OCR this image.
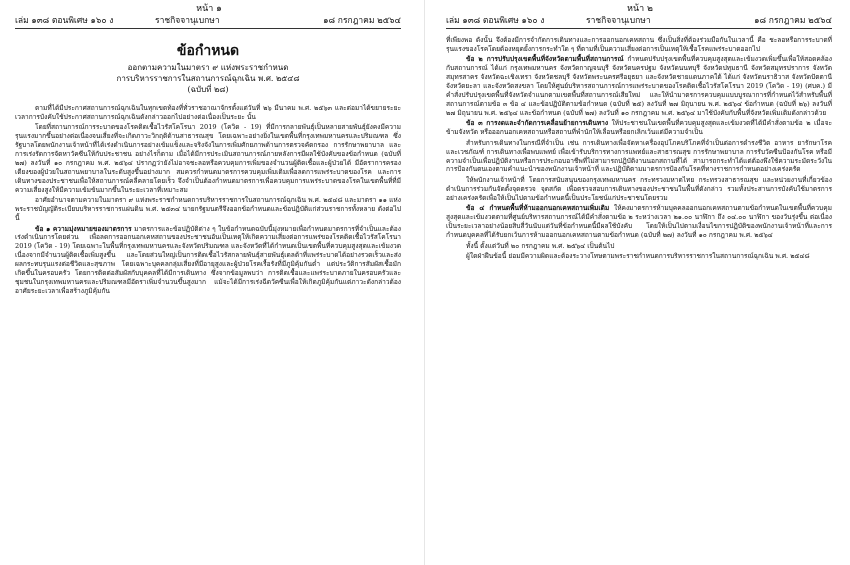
หน้า ๑
เล่ม ๑๓๘ ตอนพิเศษ ๑๖๐ ง	ราชกิจจานุเบกษา	๑๘ กรกฎาคม ๒๕๖๔
ข้อกำหนด
ออกตามความในมาตรา ๙ แห่งพระราชกำหนด
การบริหารราชการในสถานการณ์ฉุกเฉิน พ.ศ. ๒๕๔๘
(ฉบับที่ ๒๘)

ตามที่ได้มีประกาศสถานการณ์ฉุกเฉินในทุกเขตท้องที่ทั่วราชอาณาจักรตั้งแต่วันที่ ๒๖ มีนาคม พ.ศ. ๒๕๖๓ และต่อมาได้ขยายระยะเวลาการบังคับใช้ประกาศสถานการณ์ฉุกเฉินดังกล่าวออกไปอย่างต่อเนื่องเป็นระยะ นั้น

โดยที่สถานการณ์การระบาดของโรคติดเชื้อไวรัสโคโรนา 2019 (โควิด - 19) ที่มีการกลายพันธุ์เป็นหลายสายพันธุ์ยังคงมีความรุนแรงมากขึ้นอย่างต่อเนื่องจนเสี่ยงที่จะเกิดภาวะวิกฤติด้านสาธารณสุข โดยเฉพาะอย่างยิ่งในเขตพื้นที่กรุงเทพมหานครและปริมณฑล ซึ่งรัฐบาลโดยพนักงานเจ้าหน้าที่ได้เร่งดำเนินการอย่างเข้มแข็งและจริงจังในการเพิ่มศักยภาพด้านการตรวจคัดกรอง การรักษาพยาบาล และการเร่งรัดการจัดหาวัคซีนให้กับประชาชน อย่างไรก็ตาม เมื่อได้มีการประเมินสถานการณ์ภายหลังการมีผลใช้บังคับของข้อกำหนด (ฉบับที่ ๒๗) ลงวันที่ ๑๐ กรกฎาคม พ.ศ. ๒๕๖๔ ปรากฏว่ายังไม่อาจชะลอหรือควบคุมการเพิ่มของจำนวนผู้ติดเชื้อและผู้ป่วยได้ มีอัตราการครองเตียงของผู้ป่วยในสถานพยาบาลในระดับสูงขึ้นอย่างมาก สมควรกำหนดมาตรการควบคุมเพิ่มเติมเพื่อลดการแพร่ระบาดของโรค และการเดินทางของประชาชนเพื่อให้สถานการณ์คลี่คลายโดยเร็ว จึงจำเป็นต้องกำหนดมาตรการเพื่อควบคุมการแพร่ระบาดของโรคในเขตพื้นที่ที่มีความเสี่ยงสูงให้มีความเข้มข้นมากขึ้นในระยะเวลาที่เหมาะสม

อาศัยอำนาจตามความในมาตรา ๙ แห่งพระราชกำหนดการบริหารราชการในสถานการณ์ฉุกเฉิน พ.ศ. ๒๕๔๘ และมาตรา ๑๑ แห่งพระราชบัญญัติระเบียบบริหารราชการแผ่นดิน พ.ศ. ๒๕๓๔ นายกรัฐมนตรีจึงออกข้อกำหนดและข้อปฏิบัติแก่ส่วนราชการทั้งหลาย ดังต่อไปนี้

ข้อ ๑ ความมุ่งหมายของมาตรการ มาตรการและข้อปฏิบัติต่าง ๆ ในข้อกำหนดฉบับนี้มุ่งหมายเพื่อกำหนดมาตรการที่จำเป็นและต้องเร่งดำเนินการโดยด่วน เพื่อลดการออกนอกเคหสถานของประชาชนอันเป็นเหตุให้เกิดความเสี่ยงต่อการแพร่ของโรคติดเชื้อไวรัสโคโรนา 2019 (โควิด - 19) โดยเฉพาะในพื้นที่กรุงเทพมหานครและจังหวัดปริมณฑล และจังหวัดที่ได้กำหนดเป็นเขตพื้นที่ควบคุมสูงสุดและเข้มงวด เนื่องจากมีจำนวนผู้ติดเชื้อเพิ่มสูงขึ้น และโดยส่วนใหญ่เป็นการติดเชื้อไวรัสกลายพันธุ์สายพันธุ์เดลต้าที่แพร่ระบาดได้อย่างรวดเร็วและส่งผลกระทบรุนแรงต่อชีวิตและสุขภาพ โดยเฉพาะบุคคลกลุ่มเสี่ยงที่มีอายุสูงและผู้ป่วยโรคเรื้อรังที่มีภูมิคุ้มกันต่ำ แต่ประวัติการสัมผัสเชื้อมักเกิดขึ้นในครอบครัว โดยการติดต่อสัมผัสกับบุคคลที่ได้มีการเดินทาง ซึ่งจากข้อมูลพบว่า การติดเชื้อและแพร่ระบาดภายในครอบครัวและชุมชนในกรุงเทพมหานครและปริมณฑลมีอัตราเพิ่มจำนวนขึ้นสูงมาก แม้จะได้มีการเร่งฉีดวัคซีนเพื่อให้เกิดภูมิคุ้มกันแต่ภาวะดังกล่าวต้องอาศัยระยะเวลาเพื่อสร้างภูมิคุ้มกัน

หน้า ๒
เล่ม ๑๓๘ ตอนพิเศษ ๑๖๐ ง	ราชกิจจานุเบกษา	๑๘ กรกฎาคม ๒๕๖๔

ที่เพียงพอ ดังนั้น จึงต้องมีการจำกัดการเดินทางและการออกนอกเคหสถาน ซึ่งเป็นสิ่งที่ต้องร่วมมือกันในเวลานี้ คือ ชะลอหรือการระบาดที่รุนแรงของโรคโดยต้องหยุดยั้งการกระทำใด ๆ ที่ตามที่เป็นความเสี่ยงต่อการเป็นเหตุให้เชื้อโรคแพร่ระบาดออกไป

ข้อ ๒ การปรับปรุงเขตพื้นที่จังหวัดตามพื้นที่สถานการณ์ กำหนดปรับปรุงเขตพื้นที่ควบคุมสูงสุดและเข้มงวดเพิ่มขึ้นเพื่อให้สอดคล้องกับสถานการณ์ ได้แก่ กรุงเทพมหานคร จังหวัดกาญจนบุรี จังหวัดนครปฐม จังหวัดนนทบุรี จังหวัดปทุมธานี จังหวัดสมุทรปราการ จังหวัดสมุทรสาคร จังหวัดฉะเชิงเทรา จังหวัดชลบุรี จังหวัดพระนครศรีอยุธยา และจังหวัดชายแดนภาคใต้ ได้แก่ จังหวัดนราธิวาส จังหวัดปัตตานี จังหวัดยะลา และจังหวัดสงขลา โดยให้ศูนย์บริหารสถานการณ์การแพร่ระบาดของโรคติดเชื้อไวรัสโคโรนา 2019 (โควิด - 19) (ศบค.) มีคำสั่งปรับปรุงเขตพื้นที่จังหวัดจำแนกตามเขตพื้นที่สถานการณ์เสียใหม่ และให้นำมาตรการควบคุมแบบบูรณาการที่กำหนดไว้สำหรับพื้นที่สถานการณ์ตามข้อ ๓ ข้อ ๔ และข้อปฏิบัติตามข้อกำหนด (ฉบับที่ ๒๕) ลงวันที่ ๒๗ มิถุนายน พ.ศ. ๒๕๖๔ ข้อกำหนด (ฉบับที่ ๒๖) ลงวันที่ ๒๗ มิถุนายน พ.ศ. ๒๕๖๔ และข้อกำหนด (ฉบับที่ ๒๗) ลงวันที่ ๑๐ กรกฎาคม พ.ศ. ๒๕๖๔ มาใช้บังคับกับพื้นที่จังหวัดเพิ่มเติมดังกล่าวด้วย

ข้อ ๓ การงดและจำกัดการเคลื่อนย้ายการเดินทาง ให้ประชาชนในเขตพื้นที่ควบคุมสูงสุดและเข้มงวดที่ได้มีคำสั่งตามข้อ ๒ เมื่อจะข้ามจังหวัด หรือออกนอกเคหสถานหรือสถานที่พำนักให้เลื่อนหรือยกเลิกเว้นแต่มีความจำเป็น

สำหรับการเดินทางในกรณีที่จำเป็น เช่น การเดินทางเพื่อจัดหาเครื่องอุปโภคบริโภคที่จำเป็นต่อการดำรงชีวิต อาหาร ยารักษาโรค และเวชภัณฑ์ การเดินทางเพื่อพบแพทย์ เพื่อเข้ารับบริการทางการแพทย์และสาธารณสุข การรักษาพยาบาล การรับวัคซีนป้องกันโรค หรือมีความจำเป็นเพื่อปฏิบัติงานหรือการประกอบอาชีพที่ไม่สามารถปฏิบัติงานนอกสถานที่ได้ สามารถกระทำได้แต่ต้องพึงใช้ความระมัดระวังในการป้องกันตนเองตามคำแนะนำของพนักงานเจ้าหน้าที่ และปฏิบัติตามมาตรการป้องกันโรคที่ทางราชการกำหนดอย่างเคร่งครัด

ให้พนักงานเจ้าหน้าที่ โดยการสนับสนุนของกรุงเทพมหานคร กระทรวงมหาดไทย กระทรวงสาธารณสุข และหน่วยงานที่เกี่ยวข้อง ดำเนินการร่วมกันจัดตั้งจุดตรวจ จุดสกัด เพื่อตรวจสอบการเดินทางของประชาชนในพื้นที่ดังกล่าว รวมทั้งประสานการบังคับใช้มาตรการอย่างเคร่งครัดเพื่อให้เป็นไปตามข้อกำหนดนี้เป็นประโยชน์แก่ประชาชนโดยรวม

ข้อ ๔ กำหนดพื้นที่ห้ามออกนอกเคหสถานเพิ่มเติม ให้คงมาตรการห้ามบุคคลออกนอกเคหสถานตามข้อกำหนดในเขตพื้นที่ควบคุมสูงสุดและเข้มงวดตามที่ศูนย์บริหารสถานการณ์ได้มีคำสั่งตามข้อ ๒ ระหว่างเวลา ๒๑.๐๐ นาฬิกา ถึง ๐๔.๐๐ นาฬิกา ของวันรุ่งขึ้น ต่อเนื่องเป็นระยะเวลาอย่างน้อยสิบสี่วันนับแต่วันที่ข้อกำหนดนี้มีผลใช้บังคับ โดยให้เป็นไปตามเงื่อนไขการปฏิบัติของพนักงานเจ้าหน้าที่และการกำหนดบุคคลที่ได้รับยกเว้นการห้ามออกนอกเคหสถานตามข้อกำหนด (ฉบับที่ ๒๗) ลงวันที่ ๑๐ กรกฎาคม พ.ศ. ๒๕๖๔

ทั้งนี้ ตั้งแต่วันที่ ๒๐ กรกฎาคม พ.ศ. ๒๕๖๔ เป็นต้นไป

ผู้ใดฝ่าฝืนข้อนี้ ย่อมมีความผิดและต้องระวางโทษตามพระราชกำหนดการบริหารราชการในสถานการณ์ฉุกเฉิน พ.ศ. ๒๕๔๘
